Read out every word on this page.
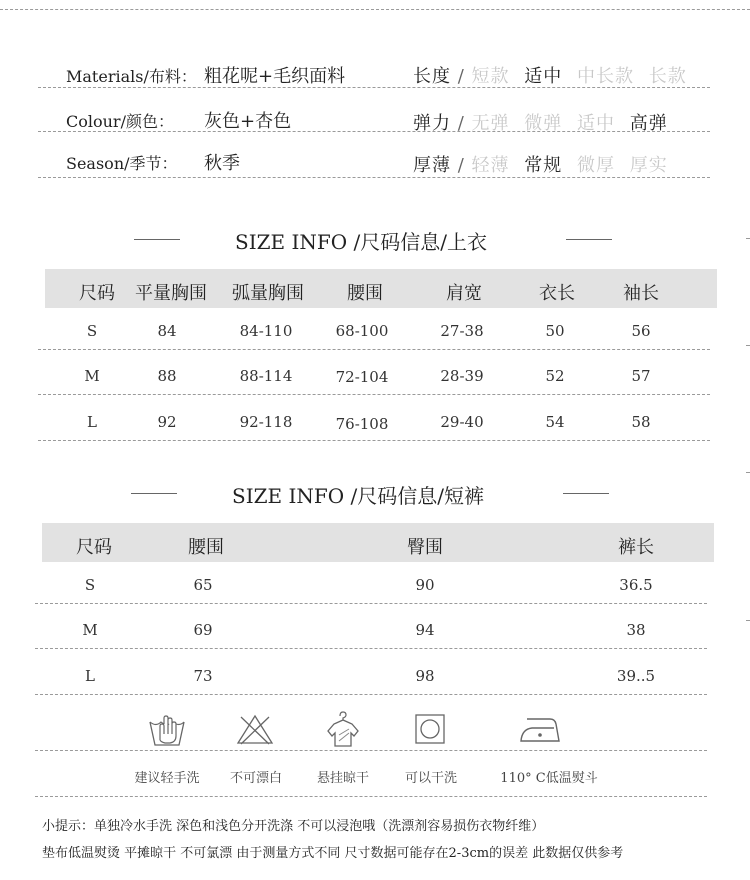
Materials/布料： 粗花呢+毛织面料
Colour/颜色： 灰色+杏色
Season/季节： 秋季
长度 / 短款 适中 中长款 长款
弹力 / 无弹 微弹 适中 高弹
厚薄 / 轻薄 常规 微厚 厚实
SIZE INFO /尺码信息/上衣
尺码 平量胸围 弧量胸围 腰围	肩宽	衣长	袖长
S	84	84-110	68-100	27-38	50	56
M	88	88-114	72-104	28-39	52	57
L	92	92-118	76-108	29-40	54	58
SIZE INFO /尺码信息/短裤
尺码	腰围	臀围	裤长
S	65	90	36.5
M	69	94	38
L	73	98	39..5
建议轻手洗 不可漂白	悬挂晾干	可以干洗	110° C低温熨斗
小提示：单独冷水手洗 深色和浅色分开洗涤 不可以浸泡哦（洗漂剂容易损伤衣物纤维）
垫布低温熨烫 平摊晾干 不可氯漂 由于测量方式不同 尺寸数据可能存在2-3cm的误差 此数据仅供参考
